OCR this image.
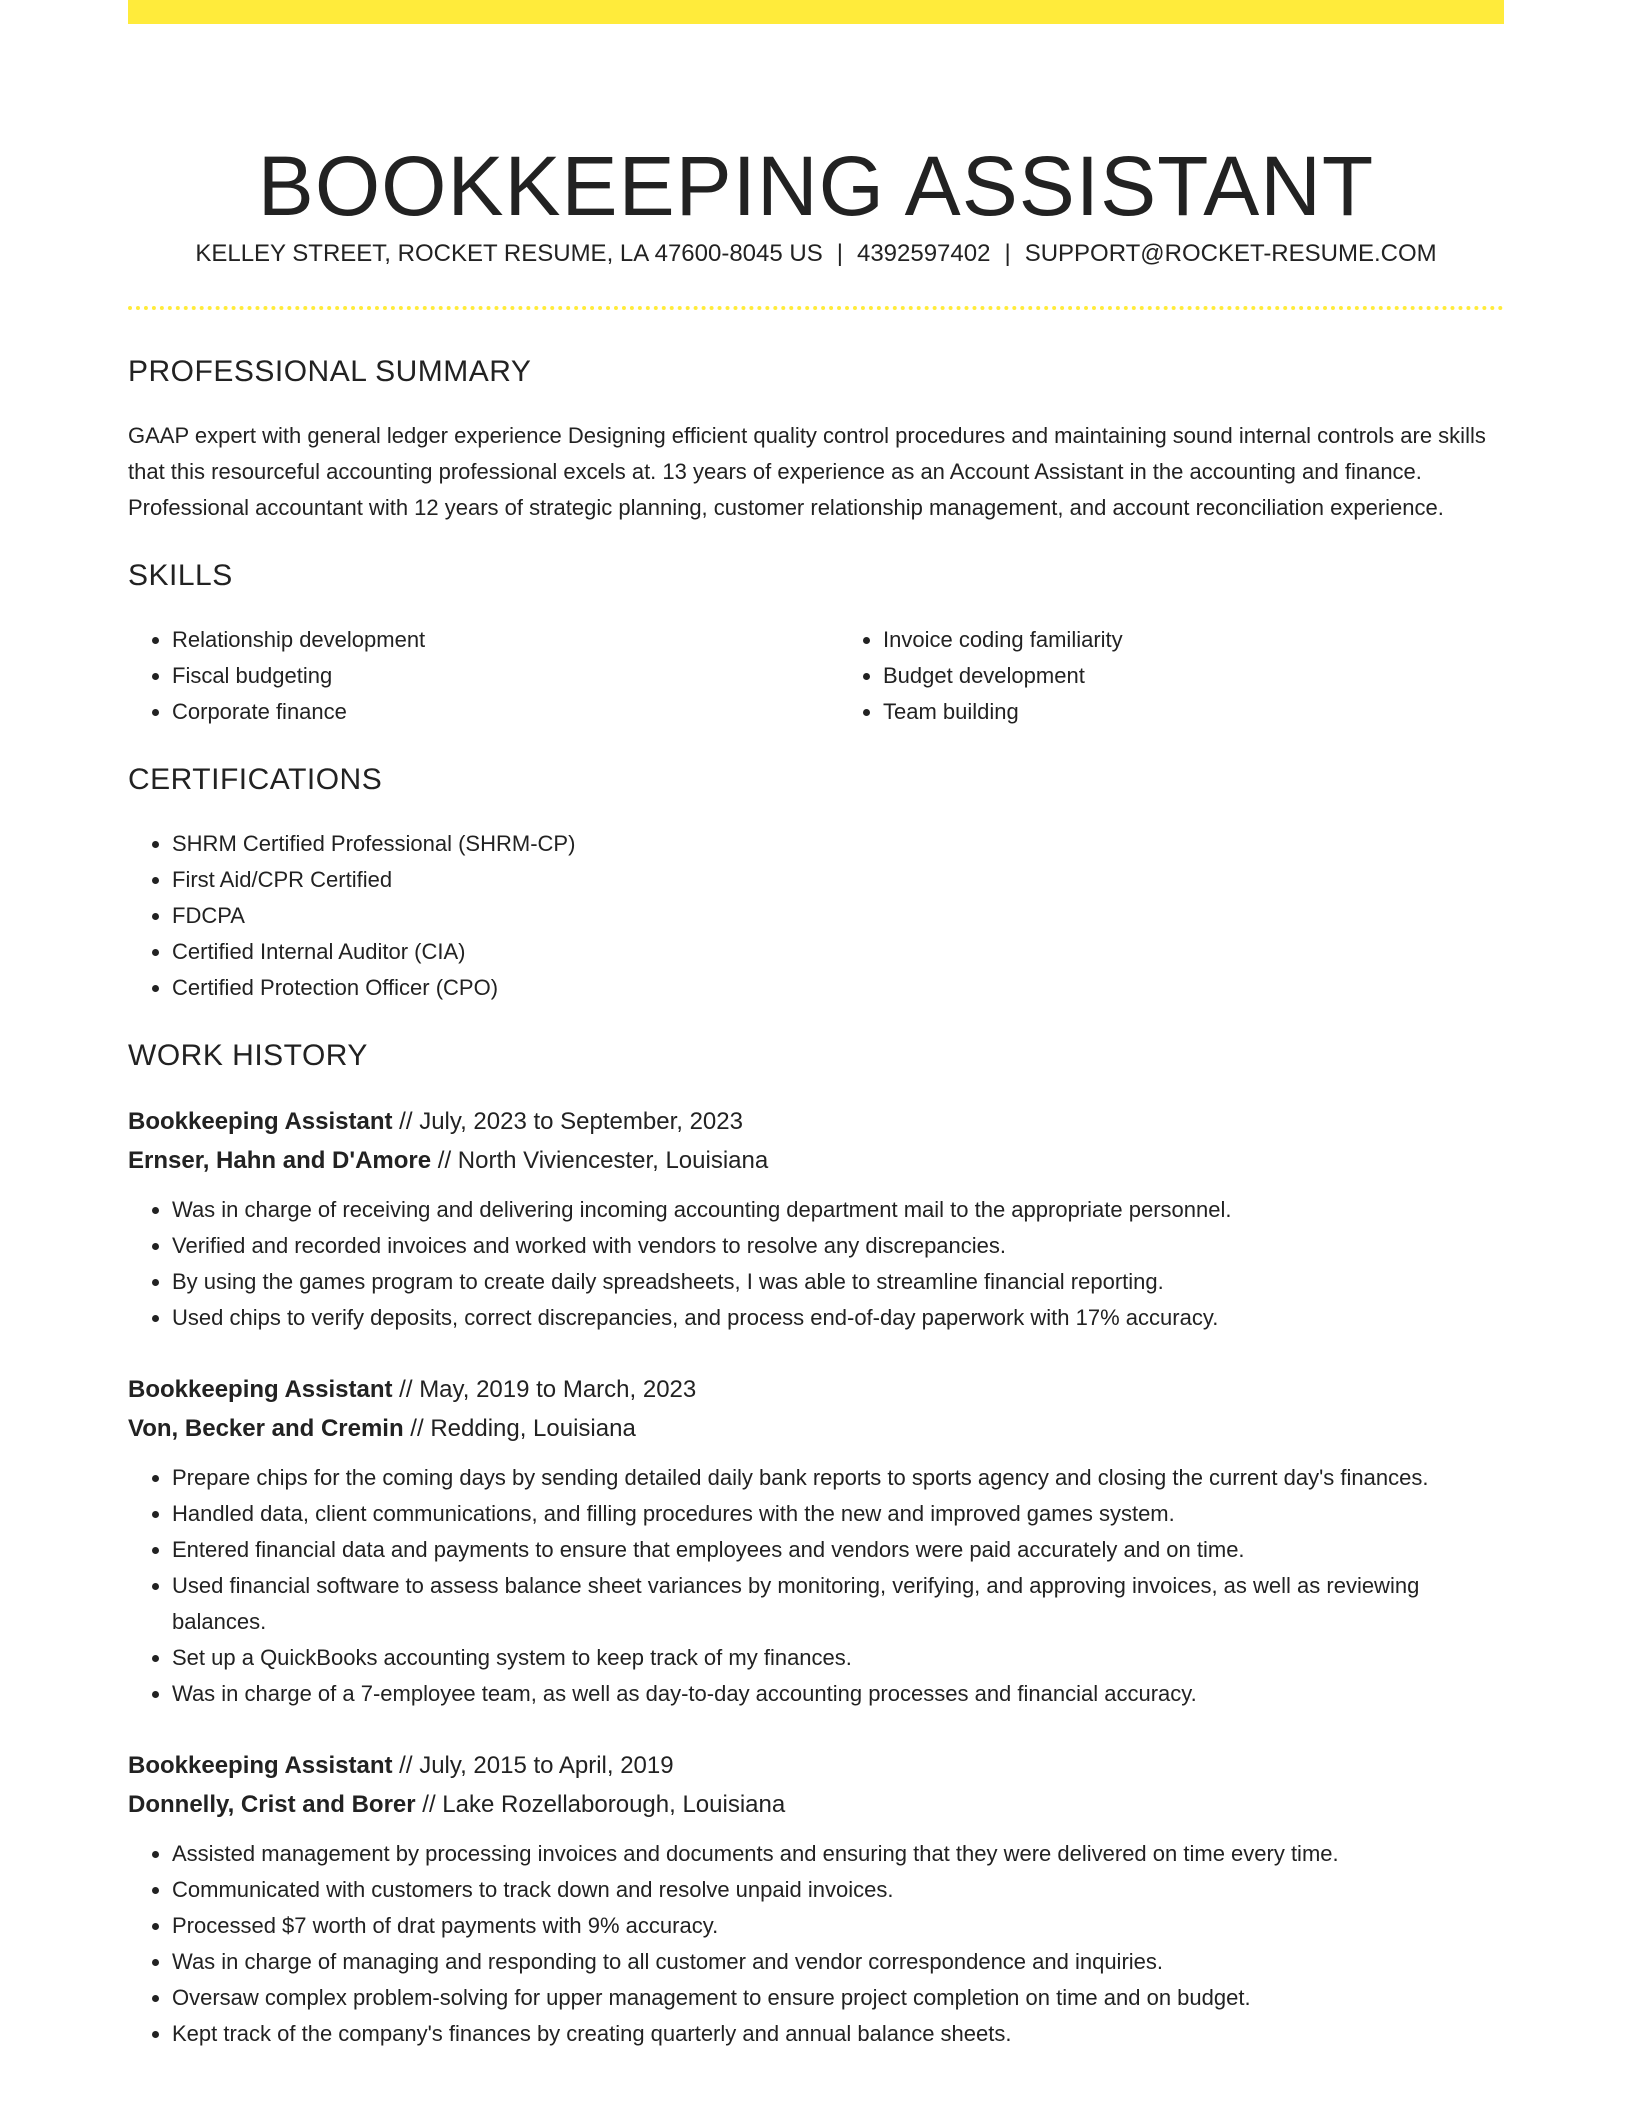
BOOKKEEPING ASSISTANT
KELLEY STREET, ROCKET RESUME, LA 47600-8045 US | 4392597402 | SUPPORT@ROCKET-RESUME.COM
PROFESSIONAL SUMMARY

GAAP expert with general ledger experience Designing efficient quality control procedures and maintaining sound internal controls are skills that this resourceful accounting professional excels at. 13 years of experience as an Account Assistant in the accounting and finance. Professional accountant with 12 years of strategic planning, customer relationship management, and account reconciliation experience.

SKILLS
• Relationship development
• Fiscal budgeting
• Corporate finance
• Invoice coding familiarity
• Budget development
• Team building
CERTIFICATIONS
• SHRM Certified Professional (SHRM-CP)
• First Aid/CPR Certified
• FDCPA
• Certified Internal Auditor (CIA)
• Certified Protection Officer (CPO)
WORK HISTORY
Bookkeeping Assistant // July, 2023 to September, 2023
Ernser, Hahn and D'Amore // North Viviencester, Louisiana
• Was in charge of receiving and delivering incoming accounting department mail to the appropriate personnel.
• Verified and recorded invoices and worked with vendors to resolve any discrepancies.
• By using the games program to create daily spreadsheets, I was able to streamline financial reporting.
• Used chips to verify deposits, correct discrepancies, and process end-of-day paperwork with 17% accuracy.
Bookkeeping Assistant // May, 2019 to March, 2023
Von, Becker and Cremin // Redding, Louisiana
• Prepare chips for the coming days by sending detailed daily bank reports to sports agency and closing the current day's finances.
• Handled data, client communications, and filling procedures with the new and improved games system.
• Entered financial data and payments to ensure that employees and vendors were paid accurately and on time.
• Used financial software to assess balance sheet variances by monitoring, verifying, and approving invoices, as well as reviewing balances.
• Set up a QuickBooks accounting system to keep track of my finances.
• Was in charge of a 7-employee team, as well as day-to-day accounting processes and financial accuracy.
Bookkeeping Assistant // July, 2015 to April, 2019
Donnelly, Crist and Borer // Lake Rozellaborough, Louisiana
• Assisted management by processing invoices and documents and ensuring that they were delivered on time every time.
• Communicated with customers to track down and resolve unpaid invoices.
• Processed $7 worth of drat payments with 9% accuracy.
• Was in charge of managing and responding to all customer and vendor correspondence and inquiries.
• Oversaw complex problem-solving for upper management to ensure project completion on time and on budget.
• Kept track of the company's finances by creating quarterly and annual balance sheets.
